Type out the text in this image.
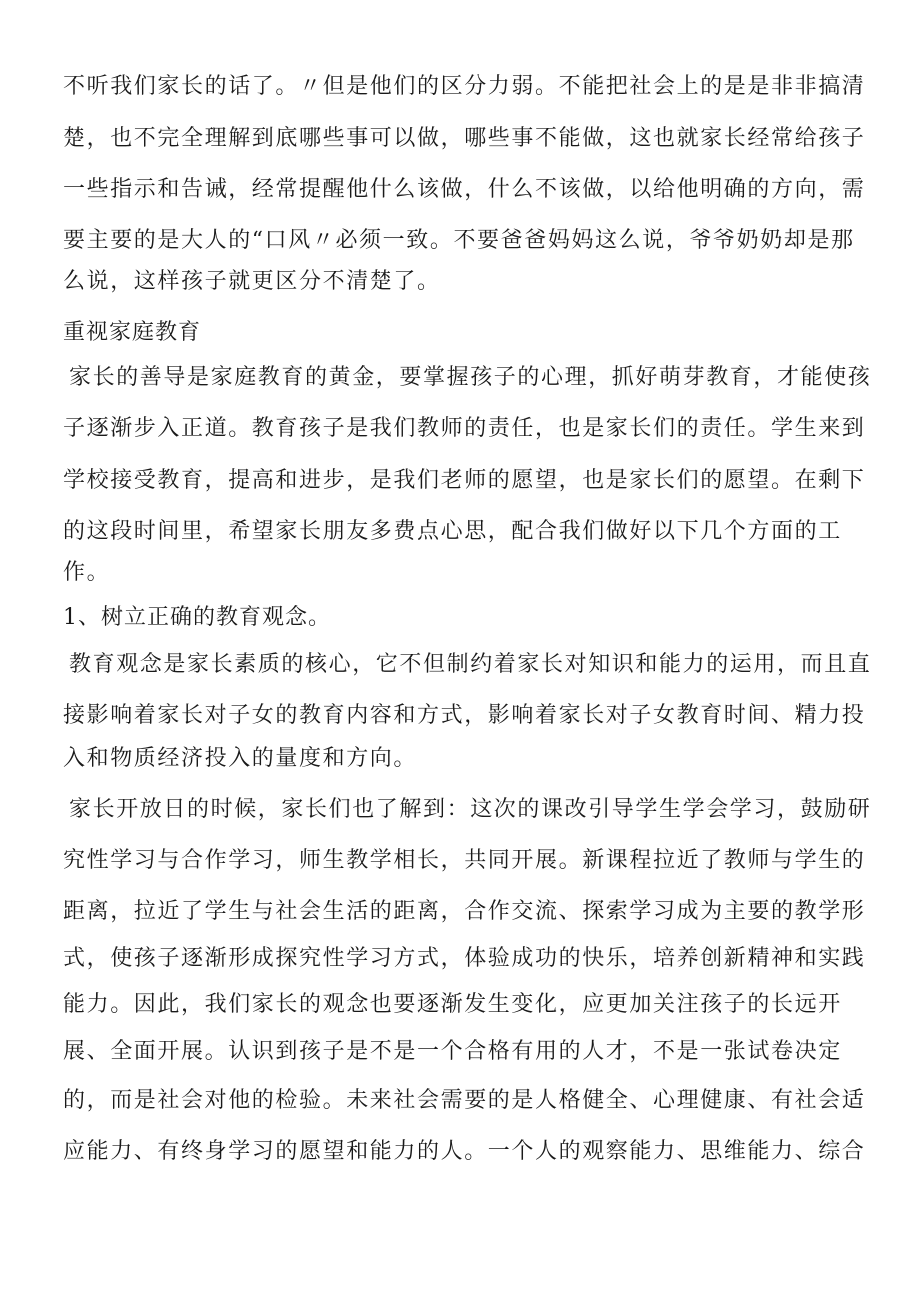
不听我们家长的话了。〃但是他们的区分力弱。不能把社会上的是是非非搞清

楚，也不完全理解到底哪些事可以做，哪些事不能做，这也就家长经常给孩子

一些指示和告诫，经常提醒他什么该做，什么不该做，以给他明确的方向，需

要主要的是大人的“口风〃必须一致。不要爸爸妈妈这么说，爷爷奶奶却是那

么说，这样孩子就更区分不清楚了。

重视家庭教育

家长的善导是家庭教育的黄金，要掌握孩子的心理，抓好萌芽教育，才能使孩

子逐渐步入正道。教育孩子是我们教师的责任，也是家长们的责任。学生来到

学校接受教育，提高和进步，是我们老师的愿望，也是家长们的愿望。在剩下

的这段时间里，希望家长朋友多费点心思，配合我们做好以下几个方面的工

作。

1、树立正确的教育观念。

教育观念是家长素质的核心，它不但制约着家长对知识和能力的运用，而且直

接影响着家长对子女的教育内容和方式，影响着家长对子女教育时间、精力投

入和物质经济投入的量度和方向。

家长开放日的时候，家长们也了解到：这次的课改引导学生学会学习，鼓励研

究性学习与合作学习，师生教学相长，共同开展。新课程拉近了教师与学生的

距离，拉近了学生与社会生活的距离，合作交流、探索学习成为主要的教学形

式，使孩子逐渐形成探究性学习方式，体验成功的快乐，培养创新精神和实践

能力。因此，我们家长的观念也要逐渐发生变化，应更加关注孩子的长远开

展、全面开展。认识到孩子是不是一个合格有用的人才，不是一张试卷决定

的，而是社会对他的检验。未来社会需要的是人格健全、心理健康、有社会适

应能力、有终身学习的愿望和能力的人。一个人的观察能力、思维能力、综合
